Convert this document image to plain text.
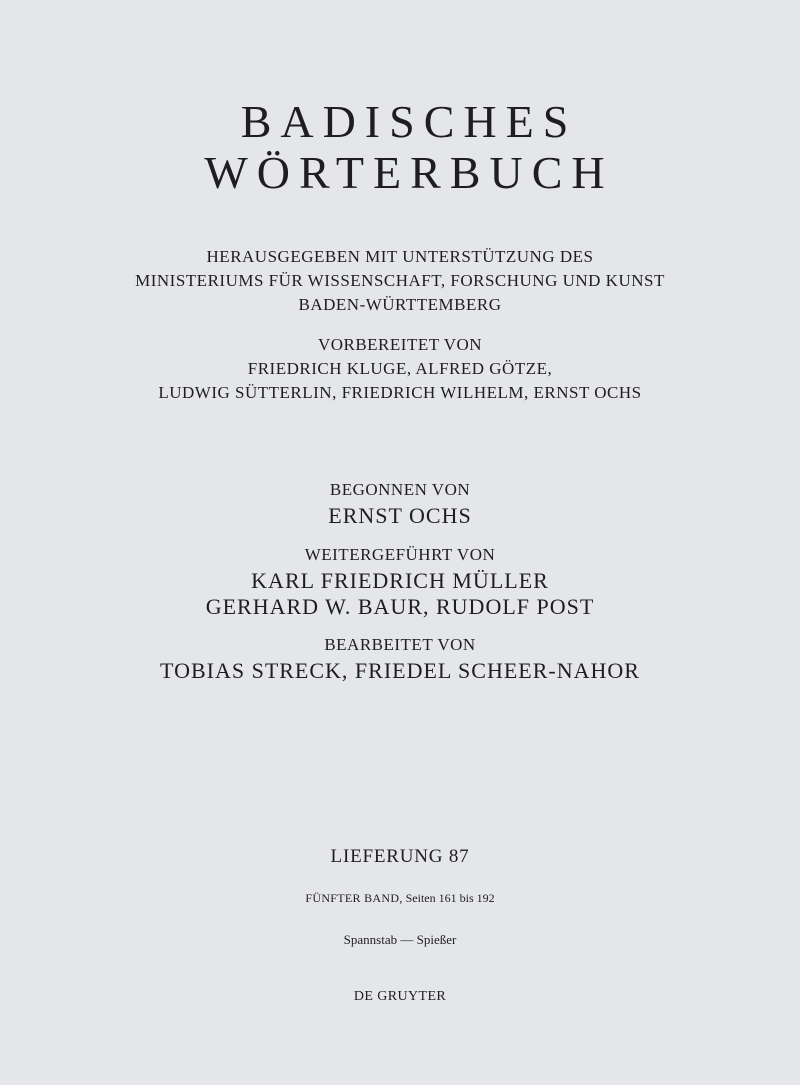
BADISCHES
WÖRTERBUCH
HERAUSGEGEBEN MIT UNTERSTÜTZUNG DES
MINISTERIUMS FÜR WISSENSCHAFT, FORSCHUNG UND KUNST
BADEN-WÜRTTEMBERG
VORBEREITET VON
FRIEDRICH KLUGE, ALFRED GÖTZE,
LUDWIG SÜTTERLIN, FRIEDRICH WILHELM, ERNST OCHS
BEGONNEN VON
ERNST OCHS
WEITERGEFÜHRT VON
KARL FRIEDRICH MÜLLER
GERHARD W. BAUR, RUDOLF POST
BEARBEITET VON
TOBIAS STRECK, FRIEDEL SCHEER-NAHOR
LIEFERUNG 87
FÜNFTER BAND, Seiten 161 bis 192
Spannstab — Spießer
DE GRUYTER
